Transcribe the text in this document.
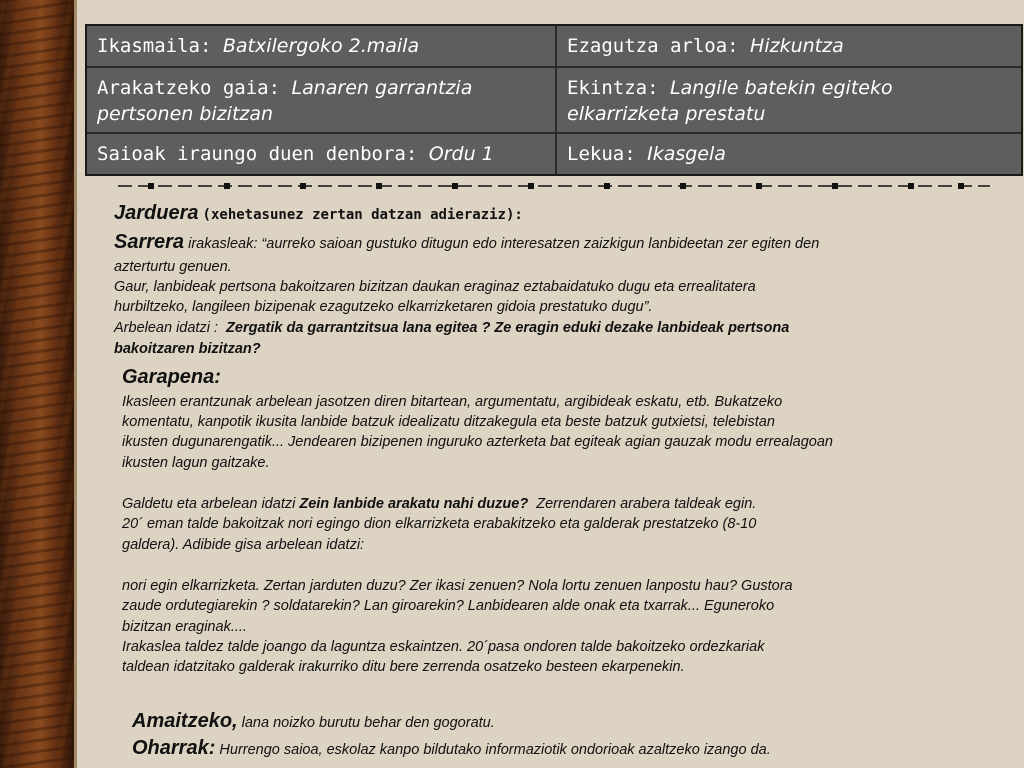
Ikasmaila: Batxilergoko 2.maila	Ezagutza arloa: Hizkuntza
Arakatzeko gaia: Lanaren garrantzia
pertsonen bizitzan
Ekintza: Langile batekin egiteko
elkarrizketa prestatu
Saioak iraungo duen denbora: Ordu 1	Lekua: Ikasgela
Jarduera (xehetasunez zertan datzan adieraziz):
Sarrera irakasleak: “aurreko saioan gustuko ditugun edo interesatzen zaizkigun lanbideetan zer egiten den
azterturtu genuen.
Gaur, lanbideak pertsona bakoitzaren bizitzan daukan eraginaz eztabaidatuko dugu eta errealitatera
hurbiltzeko, langileen bizipenak ezagutzeko elkarrizketaren gidoia prestatuko dugu”.
Arbelean idatzi : Zergatik da garrantzitsua lana egitea ? Ze eragin eduki dezake lanbideak pertsona
bakoitzaren bizitzan?
Garapena:
Ikasleen erantzunak arbelean jasotzen diren bitartean, argumentatu, argibideak eskatu, etb. Bukatzeko
komentatu, kanpotik ikusita lanbide batzuk idealizatu ditzakegula eta beste batzuk gutxietsi, telebistan
ikusten dugunarengatik... Jendearen bizipenen inguruko azterketa bat egiteak agian gauzak modu errealagoan
ikusten lagun gaitzake.
Galdetu eta arbelean idatzi Zein lanbide arakatu nahi duzue? Zerrendaren arabera taldeak egin.
20´ eman talde bakoitzak nori egingo dion elkarrizketa erabakitzeko eta galderak prestatzeko (8-10
galdera). Adibide gisa arbelean idatzi:
nori egin elkarrizketa. Zertan jarduten duzu? Zer ikasi zenuen? Nola lortu zenuen lanpostu hau? Gustora
zaude ordutegiarekin ? soldatarekin? Lan giroarekin? Lanbidearen alde onak eta txarrak... Eguneroko
bizitzan eraginak....
Irakaslea taldez talde joango da laguntza eskaintzen. 20´pasa ondoren talde bakoitzeko ordezkariak
taldean idatzitako galderak irakurriko ditu bere zerrenda osatzeko besteen ekarpenekin.
Amaitzeko, lana noizko burutu behar den gogoratu.
Oharrak: Hurrengo saioa, eskolaz kanpo bildutako informaziotik ondorioak azaltzeko izango da.
